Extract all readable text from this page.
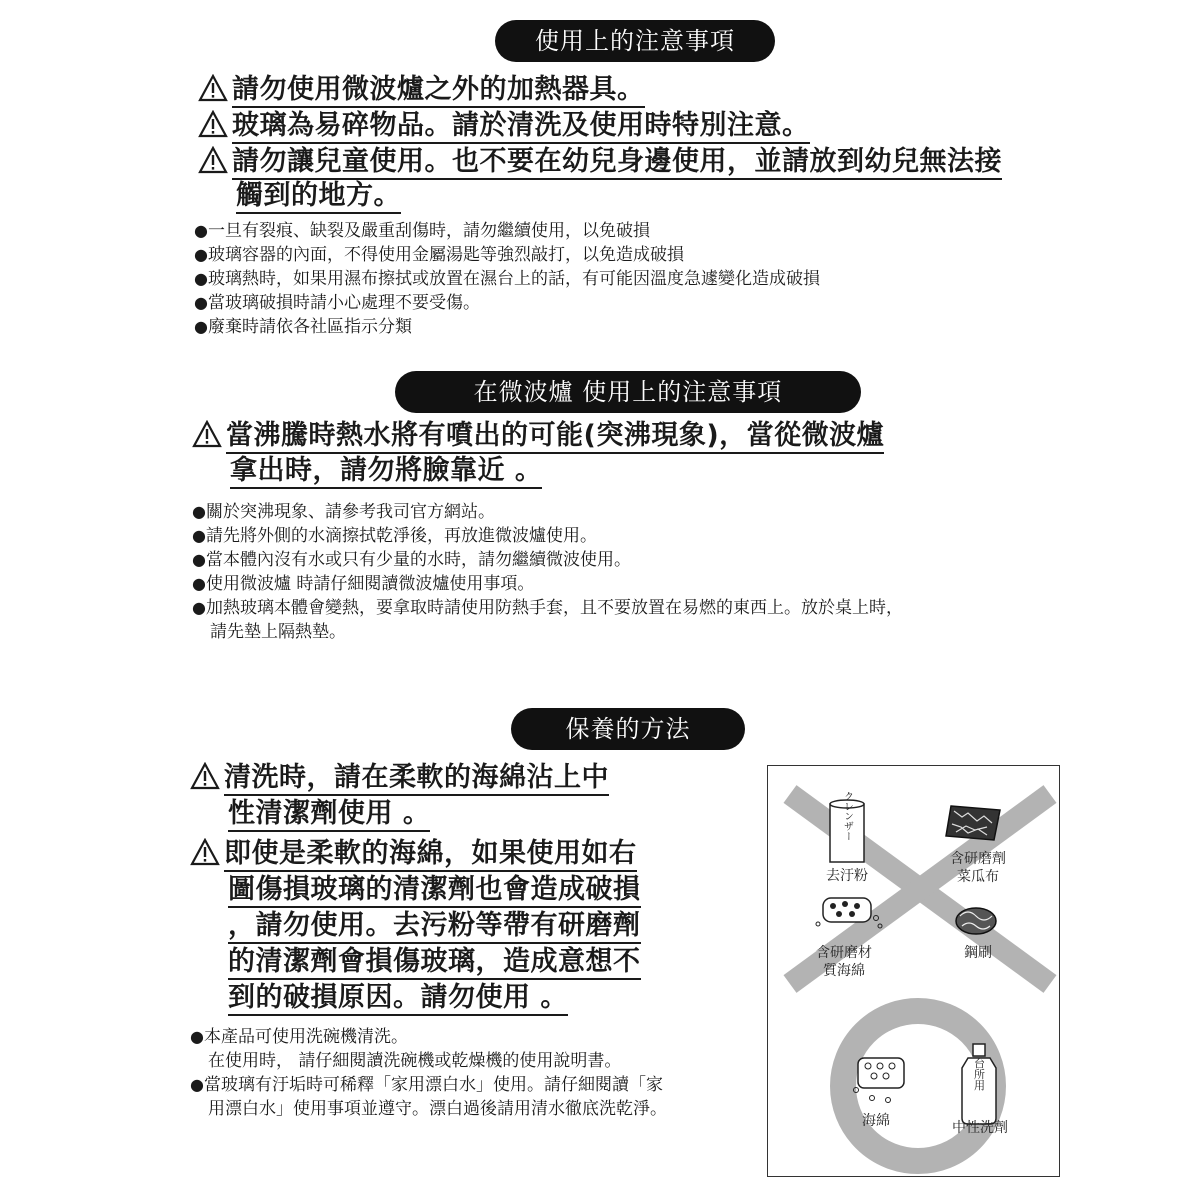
使用上的注意事項
請勿使用微波爐之外的加熱器具。
玻璃為易碎物品。請於清洗及使用時特別注意。
請勿讓兒童使用。也不要在幼兒身邊使用，並請放到幼兒無法接
觸到的地方。
●一旦有裂痕、缺裂及嚴重刮傷時，請勿繼續使用，以免破損
●玻璃容器的內面，不得使用金屬湯匙等強烈敲打，以免造成破損
●玻璃熱時，如果用濕布擦拭或放置在濕台上的話，有可能因溫度急遽變化造成破損
●當玻璃破損時請小心處理不要受傷。
●廢棄時請依各社區指示分類
在微波爐 使用上的注意事項
當沸騰時熱水將有噴出的可能(突沸現象)，當從微波爐
拿出時，請勿將臉靠近 。
●關於突沸現象、請參考我司官方網站。
●請先將外側的水滴擦拭乾淨後，再放進微波爐使用。
●當本體內沒有水或只有少量的水時，請勿繼續微波使用。
●使用微波爐 時請仔細閱讀微波爐使用事項。
●加熱玻璃本體會變熱，要拿取時請使用防熱手套，且不要放置在易燃的東西上。放於桌上時，
請先墊上隔熱墊。
保養的方法
清洗時，請在柔軟的海綿沾上中
性清潔劑使用 。
即使是柔軟的海綿，如果使用如右
圖傷損玻璃的清潔劑也會造成破損
，請勿使用。去污粉等帶有研磨劑
的清潔劑會損傷玻璃，造成意想不
到的破損原因。請勿使用 。
●本產品可使用洗碗機清洗。
在使用時， 請仔細閱讀洗碗機或乾燥機的使用說明書。
●當玻璃有汙垢時可稀釋「家用漂白水」使用。請仔細閱讀「家
用漂白水」使用事項並遵守。漂白過後請用清水徹底洗乾淨。
クレンザー
台所用
去汙粉
含研磨劑
菜瓜布
含研磨材
質海綿
鋼刷
海綿	中性洗劑
